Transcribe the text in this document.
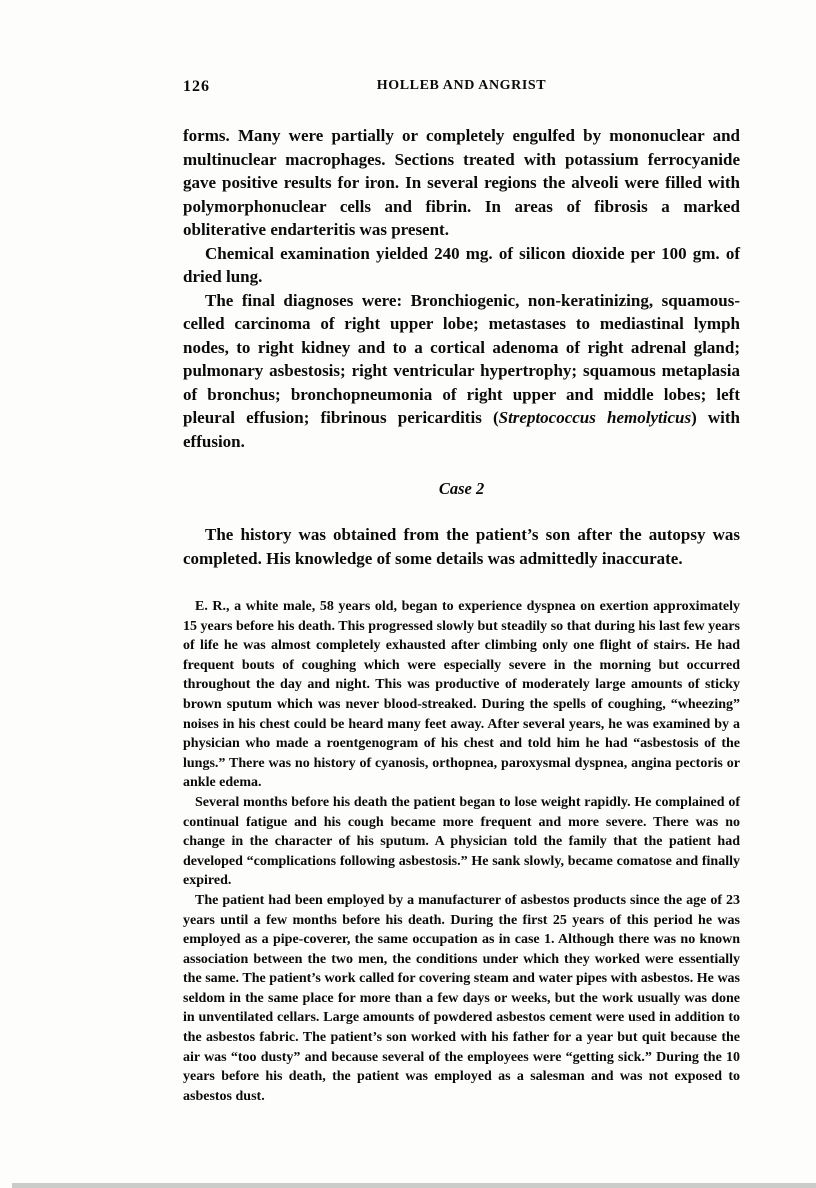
126	HOLLEB AND ANGRIST

forms. Many were partially or completely engulfed by mononuclear and multinuclear macrophages. Sections treated with potassium ferrocyanide gave positive results for iron. In several regions the alveoli were filled with polymorphonuclear cells and fibrin. In areas of fibrosis a marked obliterative endarteritis was present.

Chemical examination yielded 240 mg. of silicon dioxide per 100 gm. of dried lung.

The final diagnoses were: Bronchiogenic, non-keratinizing, squamous-celled carcinoma of right upper lobe; metastases to mediastinal lymph nodes, to right kidney and to a cortical adenoma of right adrenal gland; pulmonary asbestosis; right ventricular hypertrophy; squamous metaplasia of bronchus; bronchopneumonia of right upper and middle lobes; left pleural effusion; fibrinous pericarditis (Streptococcus hemolyticus) with effusion.

Case 2

The history was obtained from the patient’s son after the autopsy was completed. His knowledge of some details was admittedly inaccurate.

E. R., a white male, 58 years old, began to experience dyspnea on exertion approximately 15 years before his death. This progressed slowly but steadily so that during his last few years of life he was almost completely exhausted after climbing only one flight of stairs. He had frequent bouts of coughing which were especially severe in the morning but occurred throughout the day and night. This was productive of moderately large amounts of sticky brown sputum which was never blood-streaked. During the spells of coughing, “wheezing” noises in his chest could be heard many feet away. After several years, he was examined by a physician who made a roentgenogram of his chest and told him he had “asbestosis of the lungs.” There was no history of cyanosis, orthopnea, paroxysmal dyspnea, angina pectoris or ankle edema.

Several months before his death the patient began to lose weight rapidly. He complained of continual fatigue and his cough became more frequent and more severe. There was no change in the character of his sputum. A physician told the family that the patient had developed “complications following asbestosis.” He sank slowly, became comatose and finally expired.

The patient had been employed by a manufacturer of asbestos products since the age of 23 years until a few months before his death. During the first 25 years of this period he was employed as a pipe-coverer, the same occupation as in case 1. Although there was no known association between the two men, the conditions under which they worked were essentially the same. The patient’s work called for covering steam and water pipes with asbestos. He was seldom in the same place for more than a few days or weeks, but the work usually was done in unventilated cellars. Large amounts of powdered asbestos cement were used in addition to the asbestos fabric. The patient’s son worked with his father for a year but quit because the air was “too dusty” and because several of the employees were “getting sick.” During the 10 years before his death, the patient was employed as a salesman and was not exposed to asbestos dust.
